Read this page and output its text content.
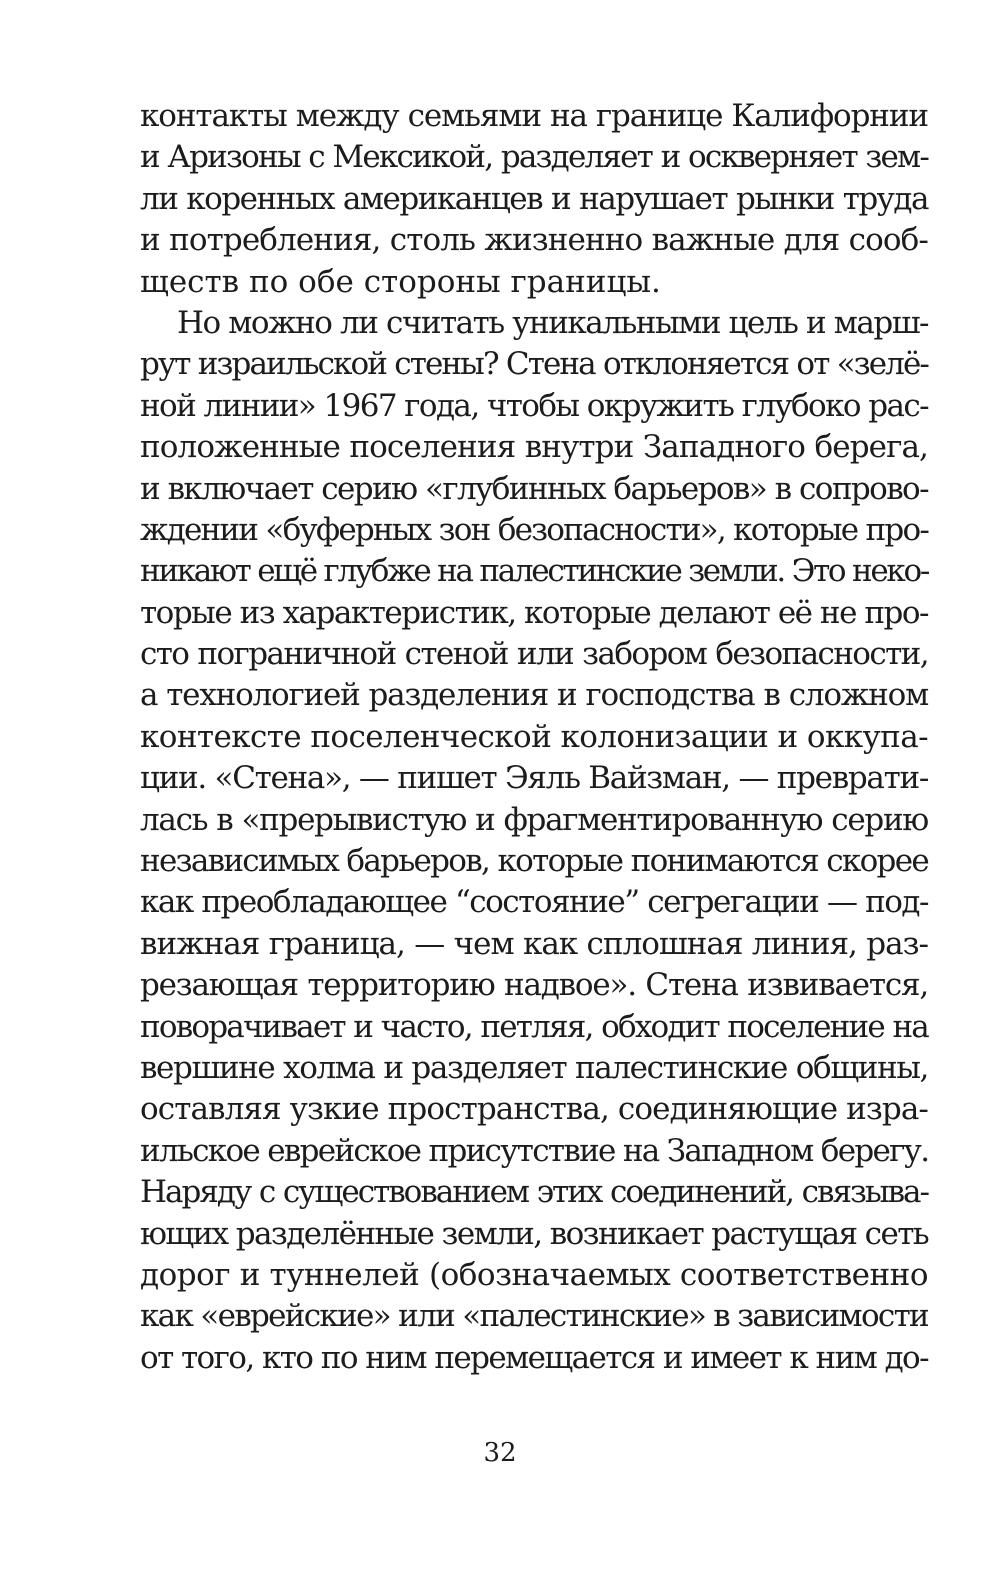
контакты между семьями на границе Калифорнии
и Аризоны с Мексикой, разделяет и оскверняет зем-
ли коренных американцев и нарушает рынки труда
и потребления, столь жизненно важные для сооб-
ществ по обе стороны границы.
Но можно ли считать уникальными цель и марш-
рут израильской стены? Стена отклоняется от «зелё-
ной линии» 1967 года, чтобы окружить глубоко рас-
положенные поселения внутри Западного берега,
и включает серию «глубинных барьеров» в сопрово-
ждении «буферных зон безопасности», которые про-
никают ещё глубже на палестинские земли. Это неко-
торые из характеристик, которые делают её не про-
сто пограничной стеной или забором безопасности,
а технологией разделения и господства в сложном
контексте поселенческой колонизации и оккупа-
ции. «Стена», — пишет Эяль Вайзман, — преврати-
лась в «прерывистую и фрагментированную серию
независимых барьеров, которые понимаются скорее
как преобладающее “состояние” сегрегации — под-
вижная граница, — чем как сплошная линия, раз-
резающая территорию надвое». Стена извивается,
поворачивает и часто, петляя, обходит поселение на
вершине холма и разделяет палестинские общины,
оставляя узкие пространства, соединяющие изра-
ильское еврейское присутствие на Западном берегу.
Наряду с существованием этих соединений, связыва-
ющих разделённые земли, возникает растущая сеть
дорог и туннелей (обозначаемых соответственно
как «еврейские» или «палестинские» в зависимости
от того, кто по ним перемещается и имеет к ним до-
32
